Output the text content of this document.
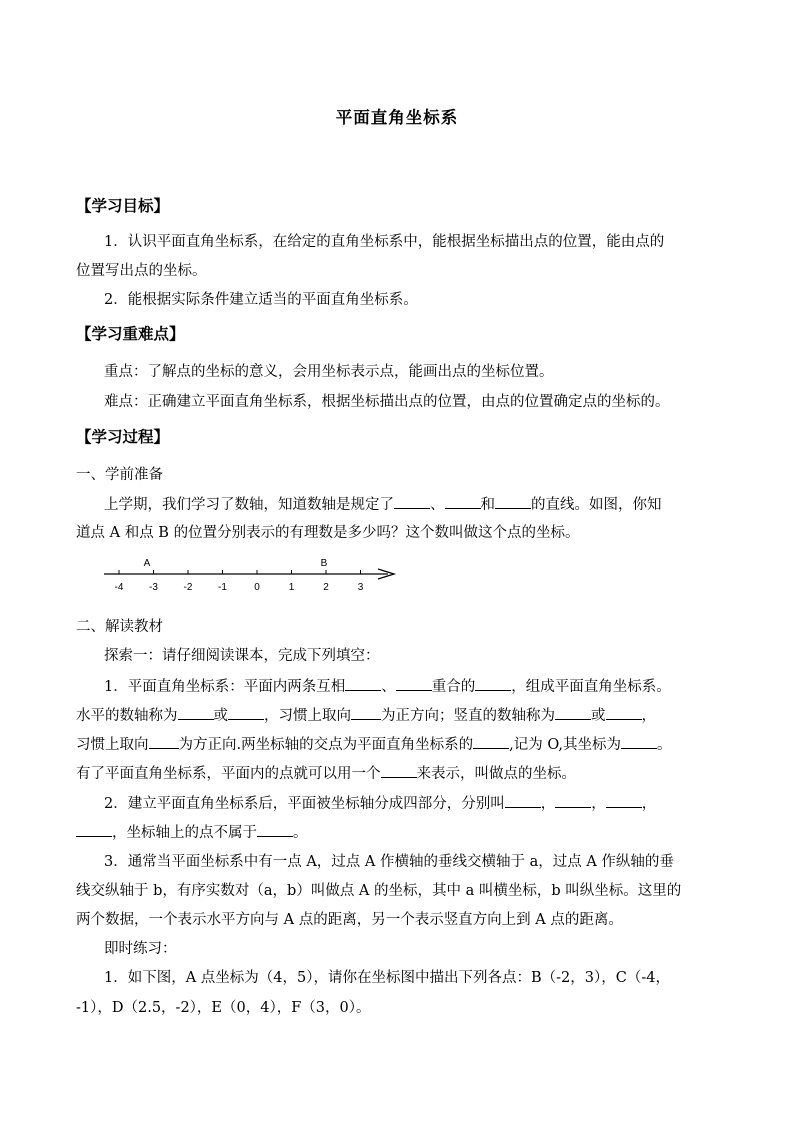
平面直角坐标系
【学习目标】
1．认识平面直角坐标系，在给定的直角坐标系中，能根据坐标描出点的位置，能由点的
位置写出点的坐标。
2．能根据实际条件建立适当的平面直角坐标系。
【学习重难点】
重点：了解点的坐标的意义，会用坐标表示点，能画出点的坐标位置。
难点：正确建立平面直角坐标系，根据坐标描出点的位置，由点的位置确定点的坐标的。
【学习过程】
一、学前准备
上学期，我们学习了数轴，知道数轴是规定了 、 和 的直线。如图，你知
道点 A 和点 B 的位置分别表示的有理数是多少吗？这个数叫做这个点的坐标。
-4	-3	-2	-1	0	1	2	3
A	B
二、解读教材
探索一：请仔细阅读课本，完成下列填空：
1．平面直角坐标系：平面内两条互相 、 重合的 ，组成平面直角坐标系。
水平的数轴称为 或 ，习惯上取向 为正方向；竖直的数轴称为 或 ，
习惯上取向 为方正向.两坐标轴的交点为平面直角坐标系的 ,记为 O,其坐标为 。
有了平面直角坐标系，平面内的点就可以用一个 来表示，叫做点的坐标。
2．建立平面直角坐标系后，平面被坐标轴分成四部分，分别叫 ， ， ，
，坐标轴上的点不属于 。
3．通常当平面坐标系中有一点 A，过点 A 作横轴的垂线交横轴于 a，过点 A 作纵轴的垂
线交纵轴于 b，有序实数对（a，b）叫做点 A 的坐标，其中 a 叫横坐标，b 叫纵坐标。这里的
两个数据，一个表示水平方向与 A 点的距离，另一个表示竖直方向上到 A 点的距离。
即时练习：
1．如下图，A 点坐标为（4，5），请你在坐标图中描出下列各点：B（-2，3），C（-4，
-1），D（2.5，-2），E（0，4），F（3，0）。
